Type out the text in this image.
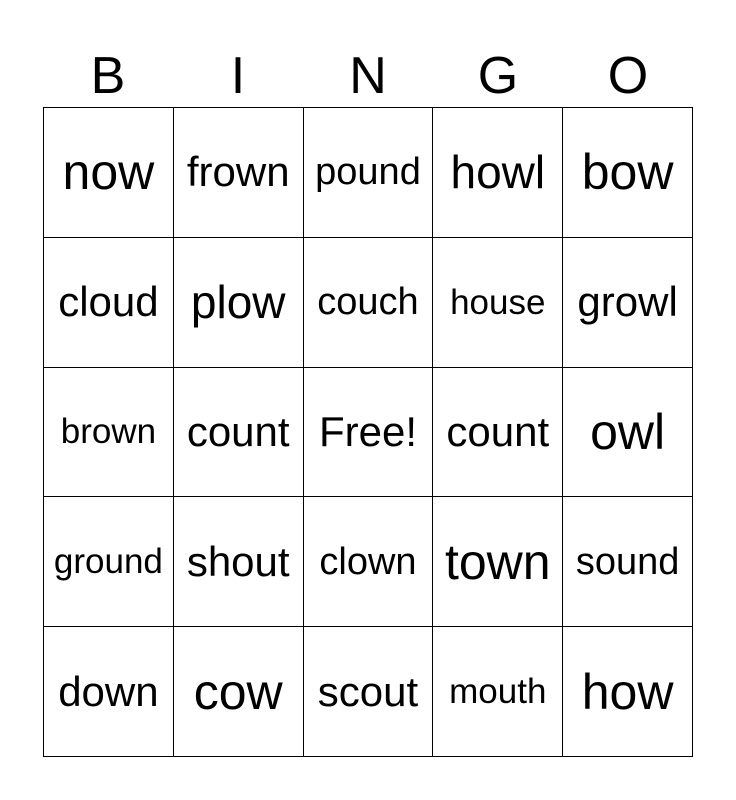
B	I	N	G	O
now frown pound howl bow
cloud plow couch house growl
brown count Free! count owl
ground shout clown town sound
down cow scout mouth how
